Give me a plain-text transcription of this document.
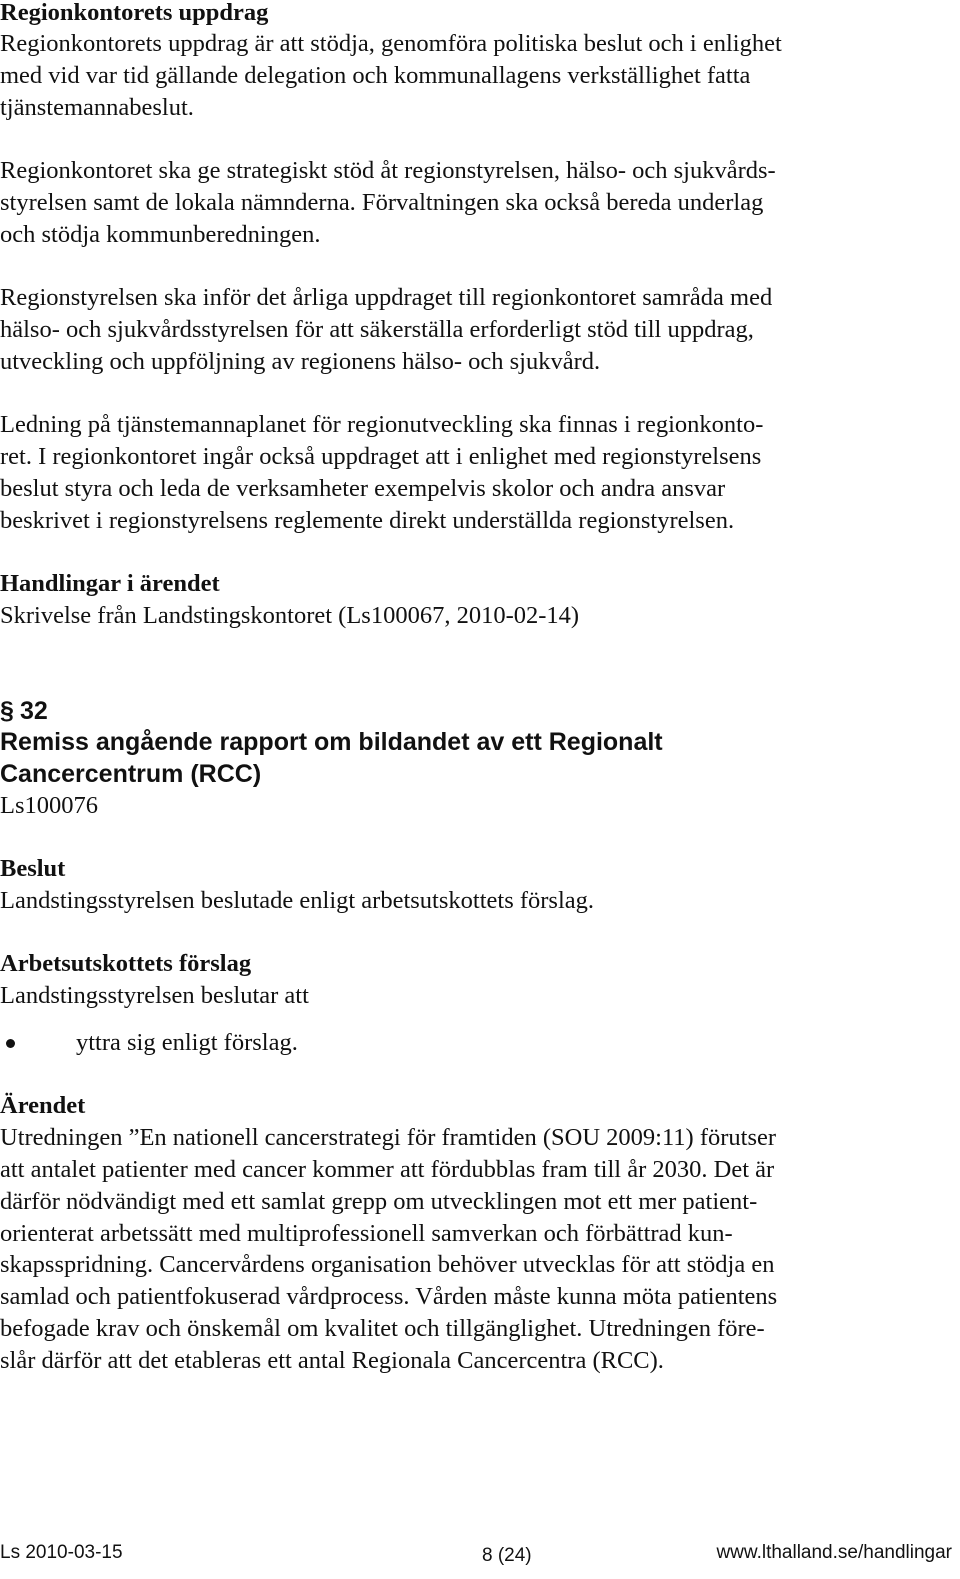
Regionkontorets uppdrag
Regionkontorets uppdrag är att stödja, genomföra politiska beslut och i enlighet
med vid var tid gällande delegation och kommunallagens verkställighet fatta
tjänstemannabeslut.
Regionkontoret ska ge strategiskt stöd åt regionstyrelsen, hälso- och sjukvårds-
styrelsen samt de lokala nämnderna. Förvaltningen ska också bereda underlag
och stödja kommunberedningen.
Regionstyrelsen ska inför det årliga uppdraget till regionkontoret samråda med
hälso- och sjukvårdsstyrelsen för att säkerställa erforderligt stöd till uppdrag,
utveckling och uppföljning av regionens hälso- och sjukvård.
Ledning på tjänstemannaplanet för regionutveckling ska finnas i regionkonto-
ret. I regionkontoret ingår också uppdraget att i enlighet med regionstyrelsens
beslut styra och leda de verksamheter exempelvis skolor och andra ansvar
beskrivet i regionstyrelsens reglemente direkt underställda regionstyrelsen.
Handlingar i ärendet
Skrivelse från Landstingskontoret (Ls100067, 2010-02-14)
§ 32
Remiss angående rapport om bildandet av ett Regionalt
Cancercentrum (RCC)
Ls100076
Beslut
Landstingsstyrelsen beslutade enligt arbetsutskottets förslag.
Arbetsutskottets förslag
Landstingsstyrelsen beslutar att
yttra sig enligt förslag.
Ärendet
Utredningen ”En nationell cancerstrategi för framtiden (SOU 2009:11) förutser
att antalet patienter med cancer kommer att fördubblas fram till år 2030. Det är
därför nödvändigt med ett samlat grepp om utvecklingen mot ett mer patient-
orienterat arbetssätt med multiprofessionell samverkan och förbättrad kun-
skapsspridning. Cancervårdens organisation behöver utvecklas för att stödja en
samlad och patientfokuserad vårdprocess. Vården måste kunna möta patientens
befogade krav och önskemål om kvalitet och tillgänglighet. Utredningen före-
slår därför att det etableras ett antal Regionala Cancercentra (RCC).
Ls 2010-03-15	8 (24)	www.lthalland.se/handlingar
